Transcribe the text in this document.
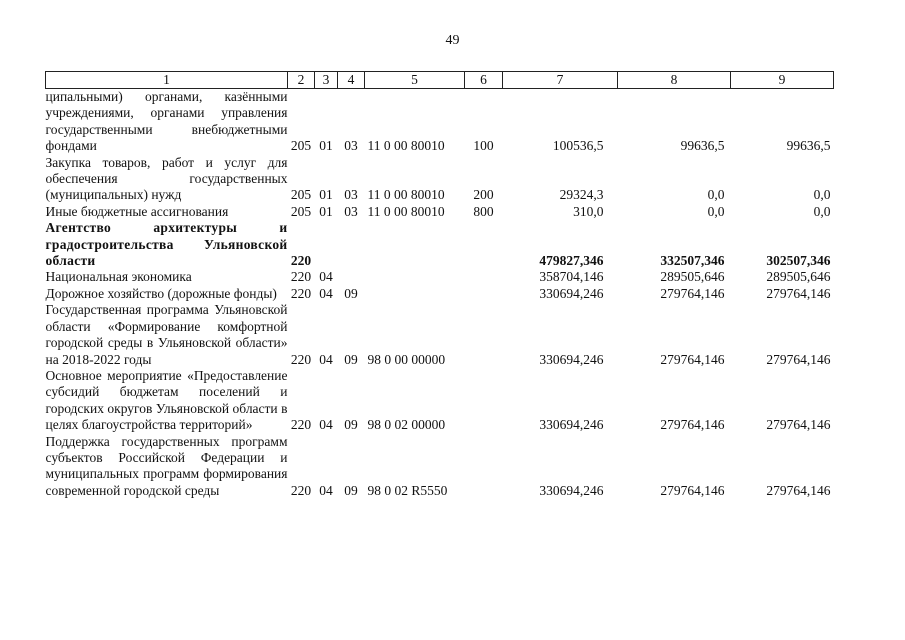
49
1	2	3	4	5	6	7	8	9
ципальными) органами, казёнными учреждениями, органами управления государственными внебюджетными фондами	205	01	03	11 0 00 80010	100	100536,5	99636,5	99636,5
Закупка товаров, работ и услуг для обеспечения государственных (муниципальных) нужд	205	01	03	11 0 00 80010	200	29324,3	0,0	0,0
Иные бюджетные ассигнования	205	01	03	11 0 00 80010	800	310,0	0,0	0,0
Агентство архитектуры и градостроительства Ульяновской области	220					479827,346	332507,346	302507,346
Национальная экономика	220	04				358704,146	289505,646	289505,646
Дорожное хозяйство (дорожные фонды)	220	04	09			330694,246	279764,146	279764,146
Государственная программа Ульяновской области «Формирование комфортной городской среды в Ульяновской области» на 2018-2022 годы	220	04	09	98 0 00 00000		330694,246	279764,146	279764,146
Основное мероприятие «Предоставление субсидий бюджетам поселений и городских округов Ульяновской области в целях благоустройства территорий»	220	04	09	98 0 02 00000		330694,246	279764,146	279764,146
Поддержка государственных программ субъектов Российской Федерации и муниципальных программ формирования современной городской среды	220	04	09	98 0 02 R5550		330694,246	279764,146	279764,146
